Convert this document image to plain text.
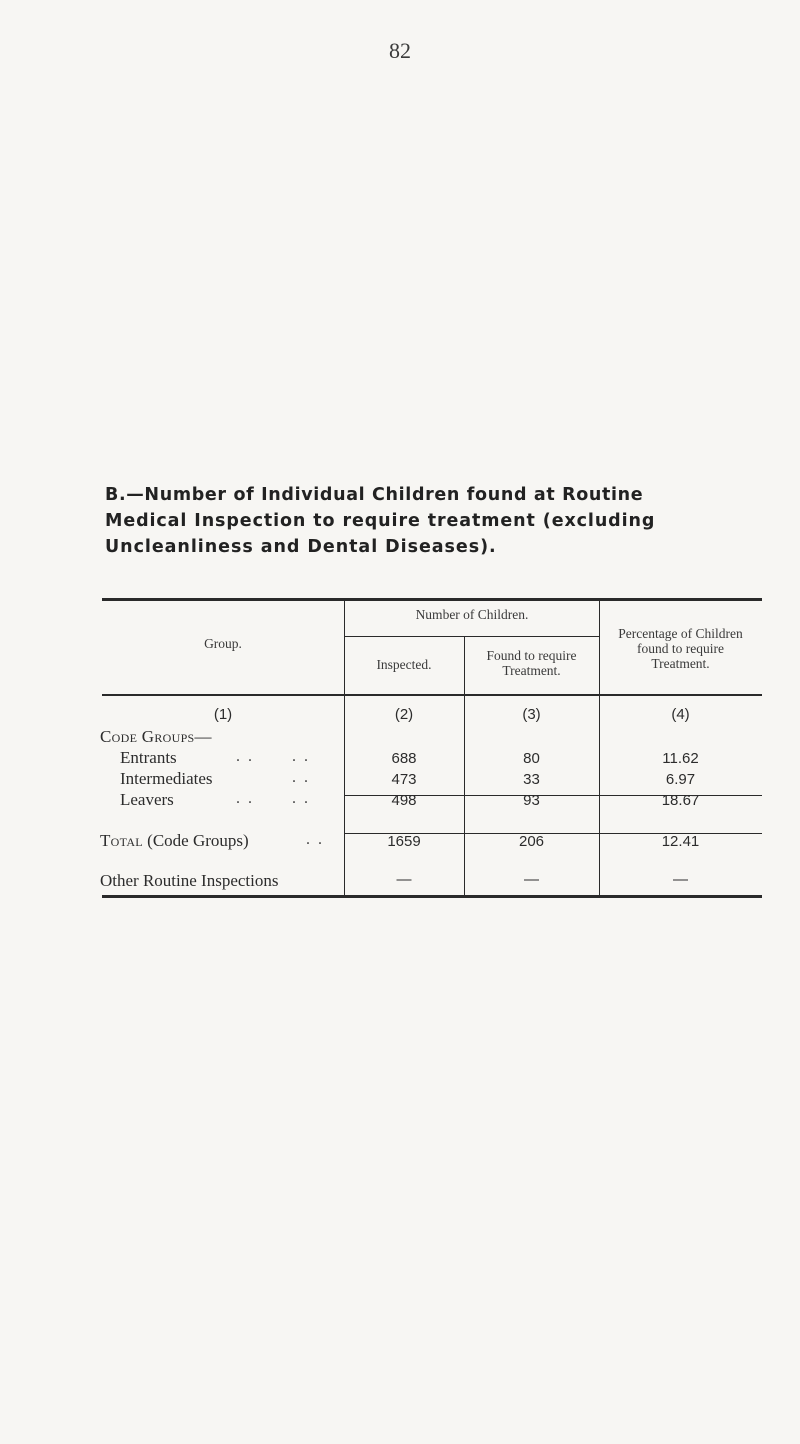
82
B.—Number of Individual Children found at Routine
Medical Inspection to require treatment (excluding
Uncleanliness and Dental Diseases).
Group.
Number of Children.
Inspected.
Found to require
Treatment.
Percentage of Children
found to require
Treatment.
(1)	(2)	(3)	(4)
Code Groups—
Entrants	. . . .	688	80	11.62
Intermediates	. .	473	33	6.97
Leavers	. . . .	498	93	18.67
Total (Code Groups)	. .	1659	206	12.41
Other Routine Inspections	—	—	—
